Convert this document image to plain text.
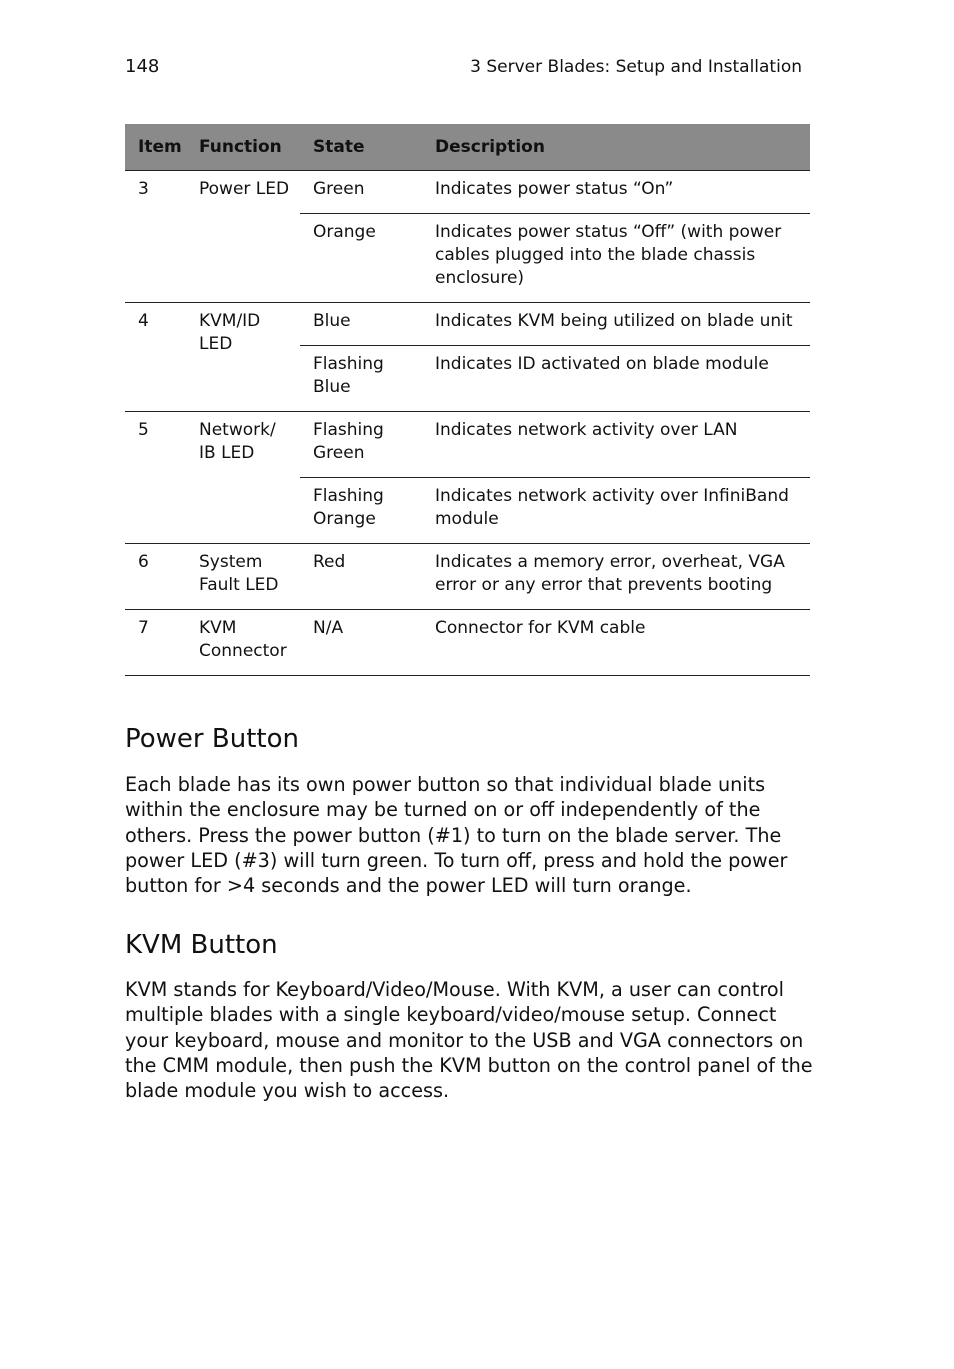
148	3 Server Blades: Setup and Installation
Item	Function	State	Description
3	Power LED	Green	Indicates power status “On”
		Orange	Indicates power status “Off” (with power cables plugged into the blade chassis enclosure)
4	KVM/ID LED	Blue	Indicates KVM being utilized on blade unit
		Flashing Blue	Indicates ID activated on blade module
5	Network/ IB LED	Flashing Green	Indicates network activity over LAN
		Flashing Orange	Indicates network activity over InfiniBand module
6	System Fault LED	Red	Indicates a memory error, overheat, VGA error or any error that prevents booting
7	KVM Connector	N/A	Connector for KVM cable
Power Button

Each blade has its own power button so that individual blade units within the enclosure may be turned on or off independently of the others. Press the power button (#1) to turn on the blade server. The power LED (#3) will turn green. To turn off, press and hold the power button for >4 seconds and the power LED will turn orange.

KVM Button

KVM stands for Keyboard/Video/Mouse. With KVM, a user can control multiple blades with a single keyboard/video/mouse setup. Connect your keyboard, mouse and monitor to the USB and VGA connectors on the CMM module, then push the KVM button on the control panel of the blade module you wish to access.
